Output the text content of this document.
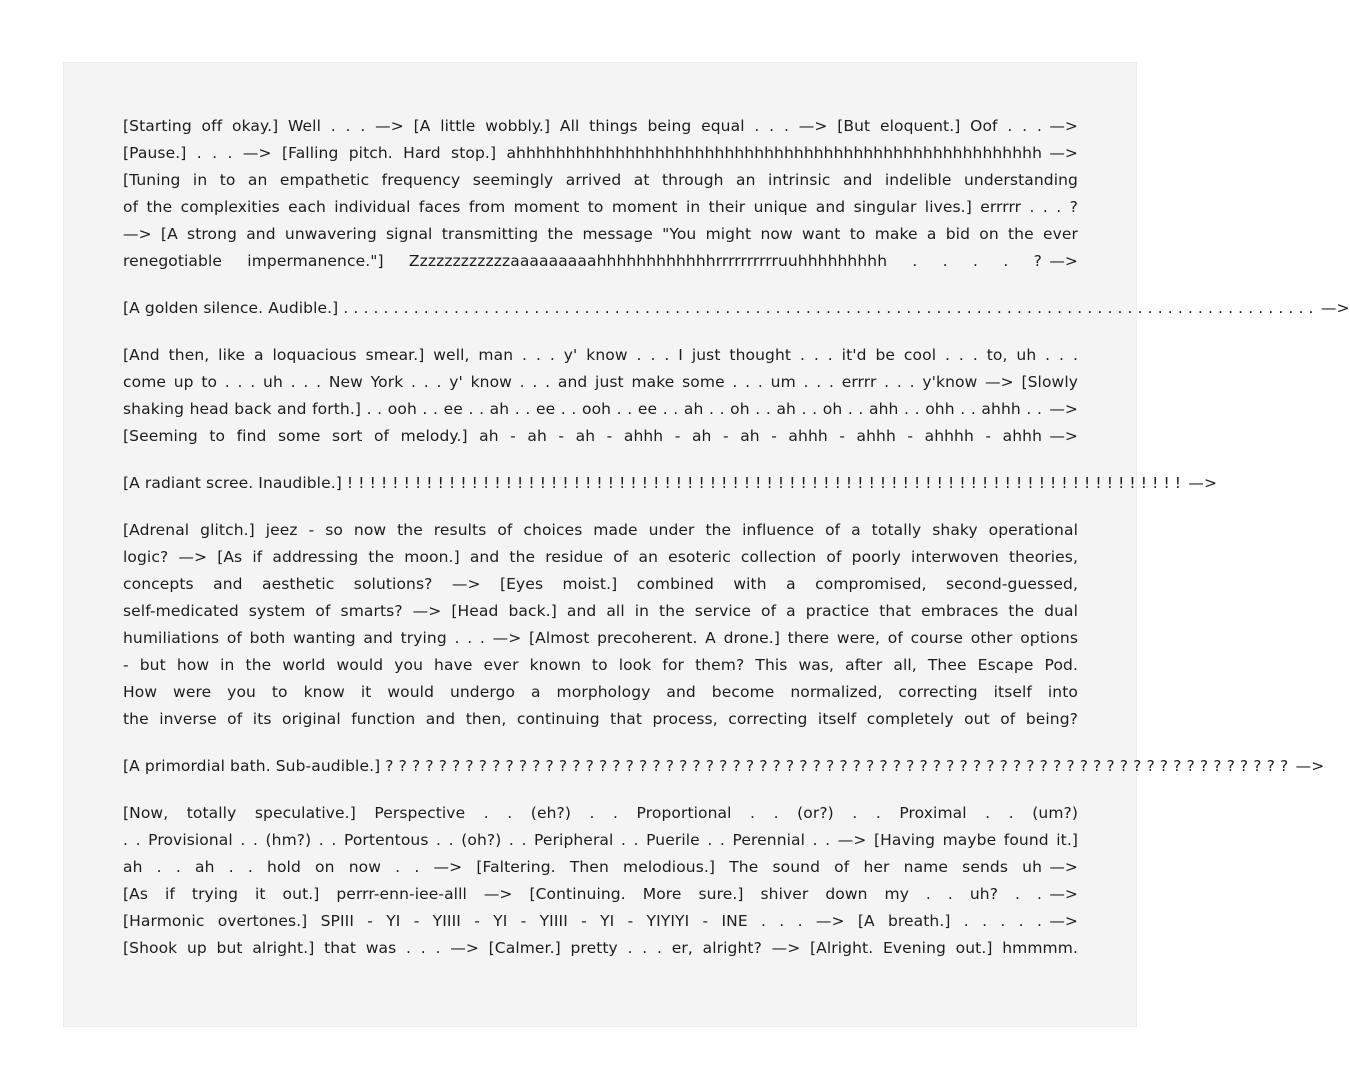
[Starting off okay.] Well . . . —> [A little wobbly.] All things being equal . . . —> [But eloquent.] Oof . . . —>
[Pause.] . . . —> [Falling pitch. Hard stop.] ahhhhhhhhhhhhhhhhhhhhhhhhhhhhhhhhhhhhhhhhhhhhhhhhhhhhh —>
[Tuning in to an empathetic frequency seemingly arrived at through an intrinsic and indelible understanding
of the complexities each individual faces from moment to moment in their unique and singular lives.] errrrr . . . ?
—> [A strong and unwavering signal transmitting the message "You might now want to make a bid on the ever
renegotiable impermanence."] Zzzzzzzzzzzzaaaaaaaaahhhhhhhhhhhhrrrrrrrrrruuhhhhhhhhh . . . . ? —>
[A golden silence. Audible.] . . . . . . . . . . . . . . . . . . . . . . . . . . . . . . . . . . . . . . . . . . . . . . . . . . . . . . . . . . . . . . . . . . . . . . . . . . . . . . . . . . . . . . . . . . . . . . . . . —>
[And then, like a loquacious smear.] well, man . . . y' know . . . I just thought . . . it'd be cool . . . to, uh . . .
come up to . . . uh . . . New York . . . y' know . . . and just make some . . . um . . . errrr . . . y'know —> [Slowly
shaking head back and forth.] . . ooh . . ee . . ah . . ee . . ooh . . ee . . ah . . oh . . ah . . oh . . ahh . . ohh . . ahhh . . —>
[Seeming to find some sort of melody.] ah - ah - ah - ahhh - ah - ah - ahhh - ahhh - ahhhh - ahhh —>
[A radiant scree. Inaudible.] ! ! ! ! ! ! ! ! ! ! ! ! ! ! ! ! ! ! ! ! ! ! ! ! ! ! ! ! ! ! ! ! ! ! ! ! ! ! ! ! ! ! ! ! ! ! ! ! ! ! ! ! ! ! ! ! ! ! ! ! ! ! ! ! ! ! ! ! ! ! ! ! ! ! —>
[Adrenal glitch.] jeez - so now the results of choices made under the influence of a totally shaky operational
logic? —> [As if addressing the moon.] and the residue of an esoteric collection of poorly interwoven theories,
concepts and aesthetic solutions? —> [Eyes moist.] combined with a compromised, second-guessed,
self-medicated system of smarts? —> [Head back.] and all in the service of a practice that embraces the dual
humiliations of both wanting and trying . . . —> [Almost precoherent. A drone.] there were, of course other options
- but how in the world would you have ever known to look for them? This was, after all, Thee Escape Pod.
How were you to know it would undergo a morphology and become normalized, correcting itself into
the inverse of its original function and then, continuing that process, correcting itself completely out of being?
[A primordial bath. Sub-audible.] ? ? ? ? ? ? ? ? ? ? ? ? ? ? ? ? ? ? ? ? ? ? ? ? ? ? ? ? ? ? ? ? ? ? ? ? ? ? ? ? ? ? ? ? ? ? ? ? ? ? ? ? ? ? ? ? ? ? ? ? ? ? ? ? ? ? ? ? —>
[Now, totally speculative.] Perspective . . (eh?) . . Proportional . . (or?) . . Proximal . . (um?)
. . Provisional . . (hm?) . . Portentous . . (oh?) . . Peripheral . . Puerile . . Perennial . . —> [Having maybe found it.]
ah . . ah . . hold on now . . —> [Faltering. Then melodious.] The sound of her name sends uh —>
[As if trying it out.] perrr-enn-iee-alll —> [Continuing. More sure.] shiver down my . . uh? . . —>
[Harmonic overtones.] SPIII - YI - YIIII - YI - YIIII - YI - YIYIYI - INE . . . —> [A breath.] . . . . . —>
[Shook up but alright.] that was . . . —> [Calmer.] pretty . . . er, alright? —> [Alright. Evening out.] hmmmm.
